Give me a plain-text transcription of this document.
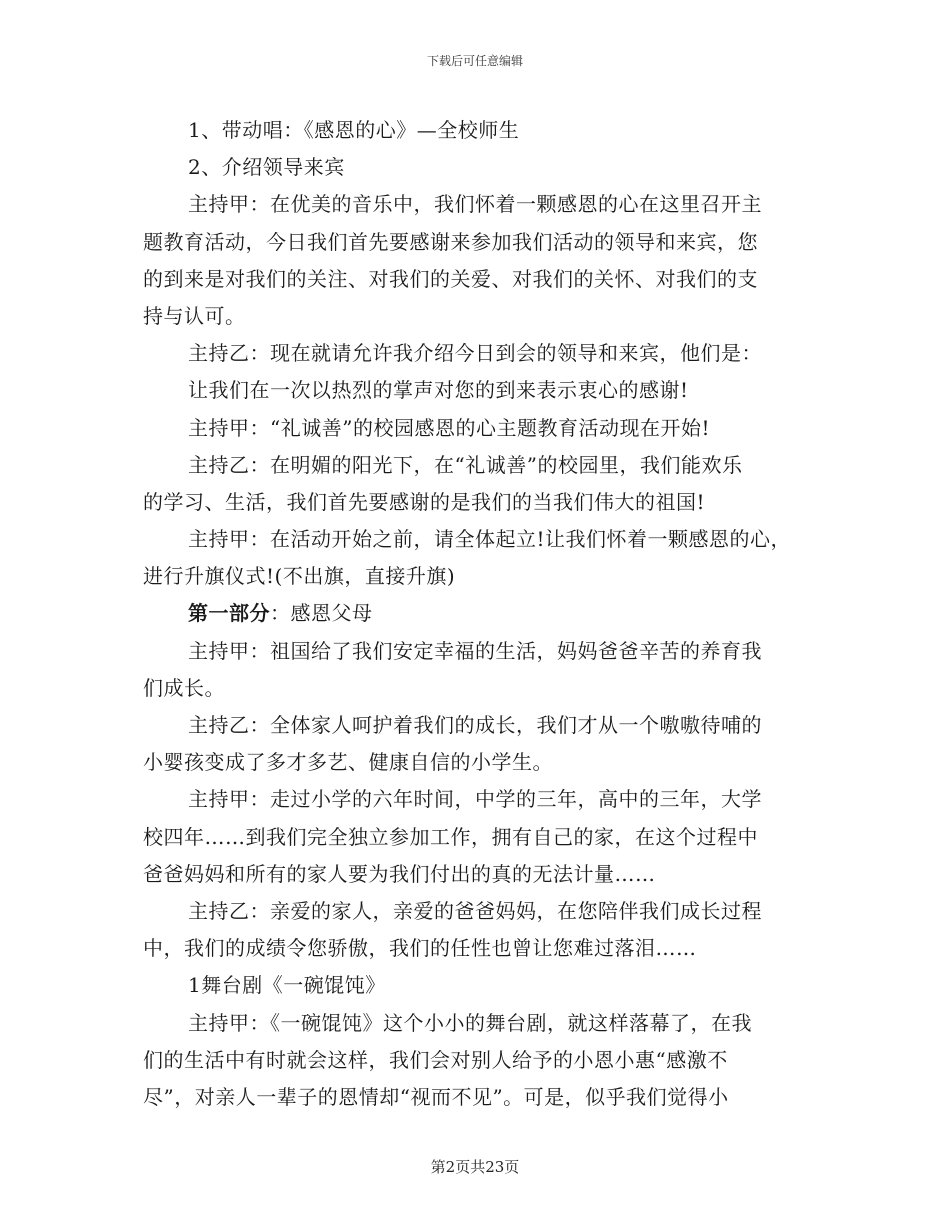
下载后可任意编辑
1、带动唱：《感恩的心》—全校师生
2、介绍领导来宾
主持甲：在优美的音乐中，我们怀着一颗感恩的心在这里召开主
题教育活动，今日我们首先要感谢来参加我们活动的领导和来宾，您
的到来是对我们的关注、对我们的关爱、对我们的关怀、对我们的支
持与认可。
主持乙：现在就请允许我介绍今日到会的领导和来宾，他们是：
让我们在一次以热烈的掌声对您的到来表示衷心的感谢!
主持甲：“礼诚善”的校园感恩的心主题教育活动现在开始!
主持乙：在明媚的阳光下，在“礼诚善”的校园里，我们能欢乐
的学习、生活，我们首先要感谢的是我们的当我们伟大的祖国!
主持甲：在活动开始之前，请全体起立!让我们怀着一颗感恩的心，
进行升旗仪式!(不出旗，直接升旗)
第一部分：感恩父母
主持甲：祖国给了我们安定幸福的生活，妈妈爸爸辛苦的养育我
们成长。
主持乙：全体家人呵护着我们的成长，我们才从一个嗷嗷待哺的
小婴孩变成了多才多艺、健康自信的小学生。
主持甲：走过小学的六年时间，中学的三年，高中的三年，大学
校四年……到我们完全独立参加工作，拥有自己的家，在这个过程中
爸爸妈妈和所有的家人要为我们付出的真的无法计量……
主持乙：亲爱的家人，亲爱的爸爸妈妈，在您陪伴我们成长过程
中，我们的成绩令您骄傲，我们的任性也曾让您难过落泪……
1舞台剧《一碗馄饨》
主持甲：《一碗馄饨》这个小小的舞台剧，就这样落幕了，在我
们的生活中有时就会这样，我们会对别人给予的小恩小惠“感激不
尽”，对亲人一辈子的恩情却“视而不见”。可是，似乎我们觉得小
第2页共23页
